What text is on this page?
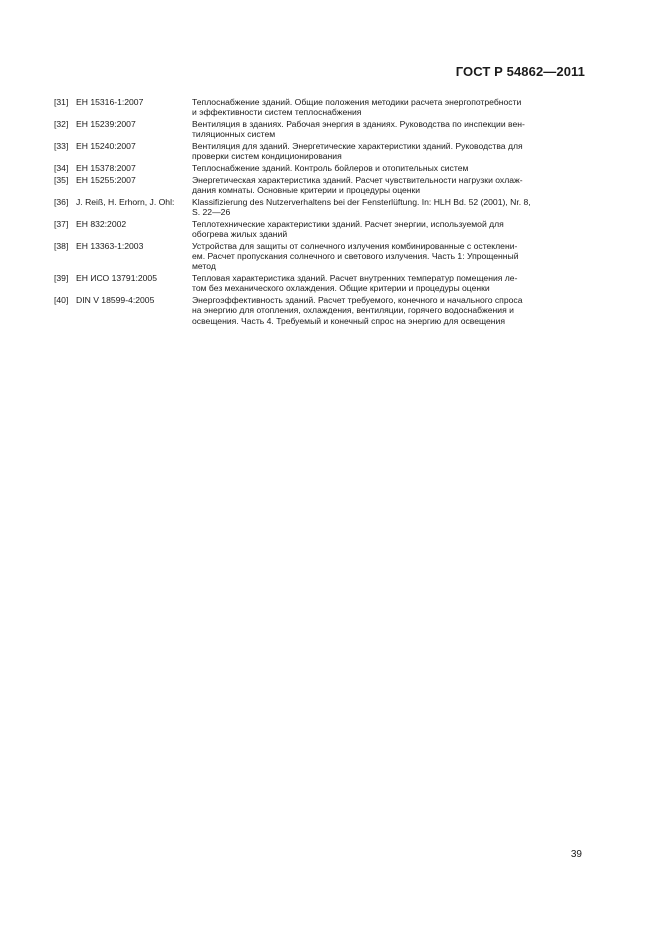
ГОСТ Р 54862—2011
[31] ЕН 15316-1:2007	Теплоснабжение зданий. Общие положения методики расчета энергопотребности
и эффективности систем теплоснабжения
[32] ЕН 15239:2007	Вентиляция в зданиях. Рабочая энергия в зданиях. Руководства по инспекции вен-
тиляционных систем
[33] ЕН 15240:2007	Вентиляция для зданий. Энергетические характеристики зданий. Руководства для
проверки систем кондиционирования
[34] ЕН 15378:2007	Теплоснабжение зданий. Контроль бойлеров и отопительных систем
[35] ЕН 15255:2007	Энергетическая характеристика зданий. Расчет чувствительности нагрузки охлаж-
дания комнаты. Основные критерии и процедуры оценки
[36] J. Reiß, H. Erhorn, J. Ohl:	Klassifizierung des Nutzerverhaltens bei der Fensterlüftung. In: HLH Bd. 52 (2001), Nr. 8,
S. 22—26
[37] ЕН 832:2002	Теплотехнические характеристики зданий. Расчет энергии, используемой для
обогрева жилых зданий
[38] ЕН 13363-1:2003	Устройства для защиты от солнечного излучения комбинированные с остеклени-
ем. Расчет пропускания солнечного и светового излучения. Часть 1: Упрощенный
метод
[39] ЕН ИСО 13791:2005	Тепловая характеристика зданий. Расчет внутренних температур помещения ле-
том без механического охлаждения. Общие критерии и процедуры оценки
[40] DIN V 18599-4:2005	Энергоэффективность зданий. Расчет требуемого, конечного и начального спроса
на энергию для отопления, охлаждения, вентиляции, горячего водоснабжения и
освещения. Часть 4. Требуемый и конечный спрос на энергию для освещения
39
